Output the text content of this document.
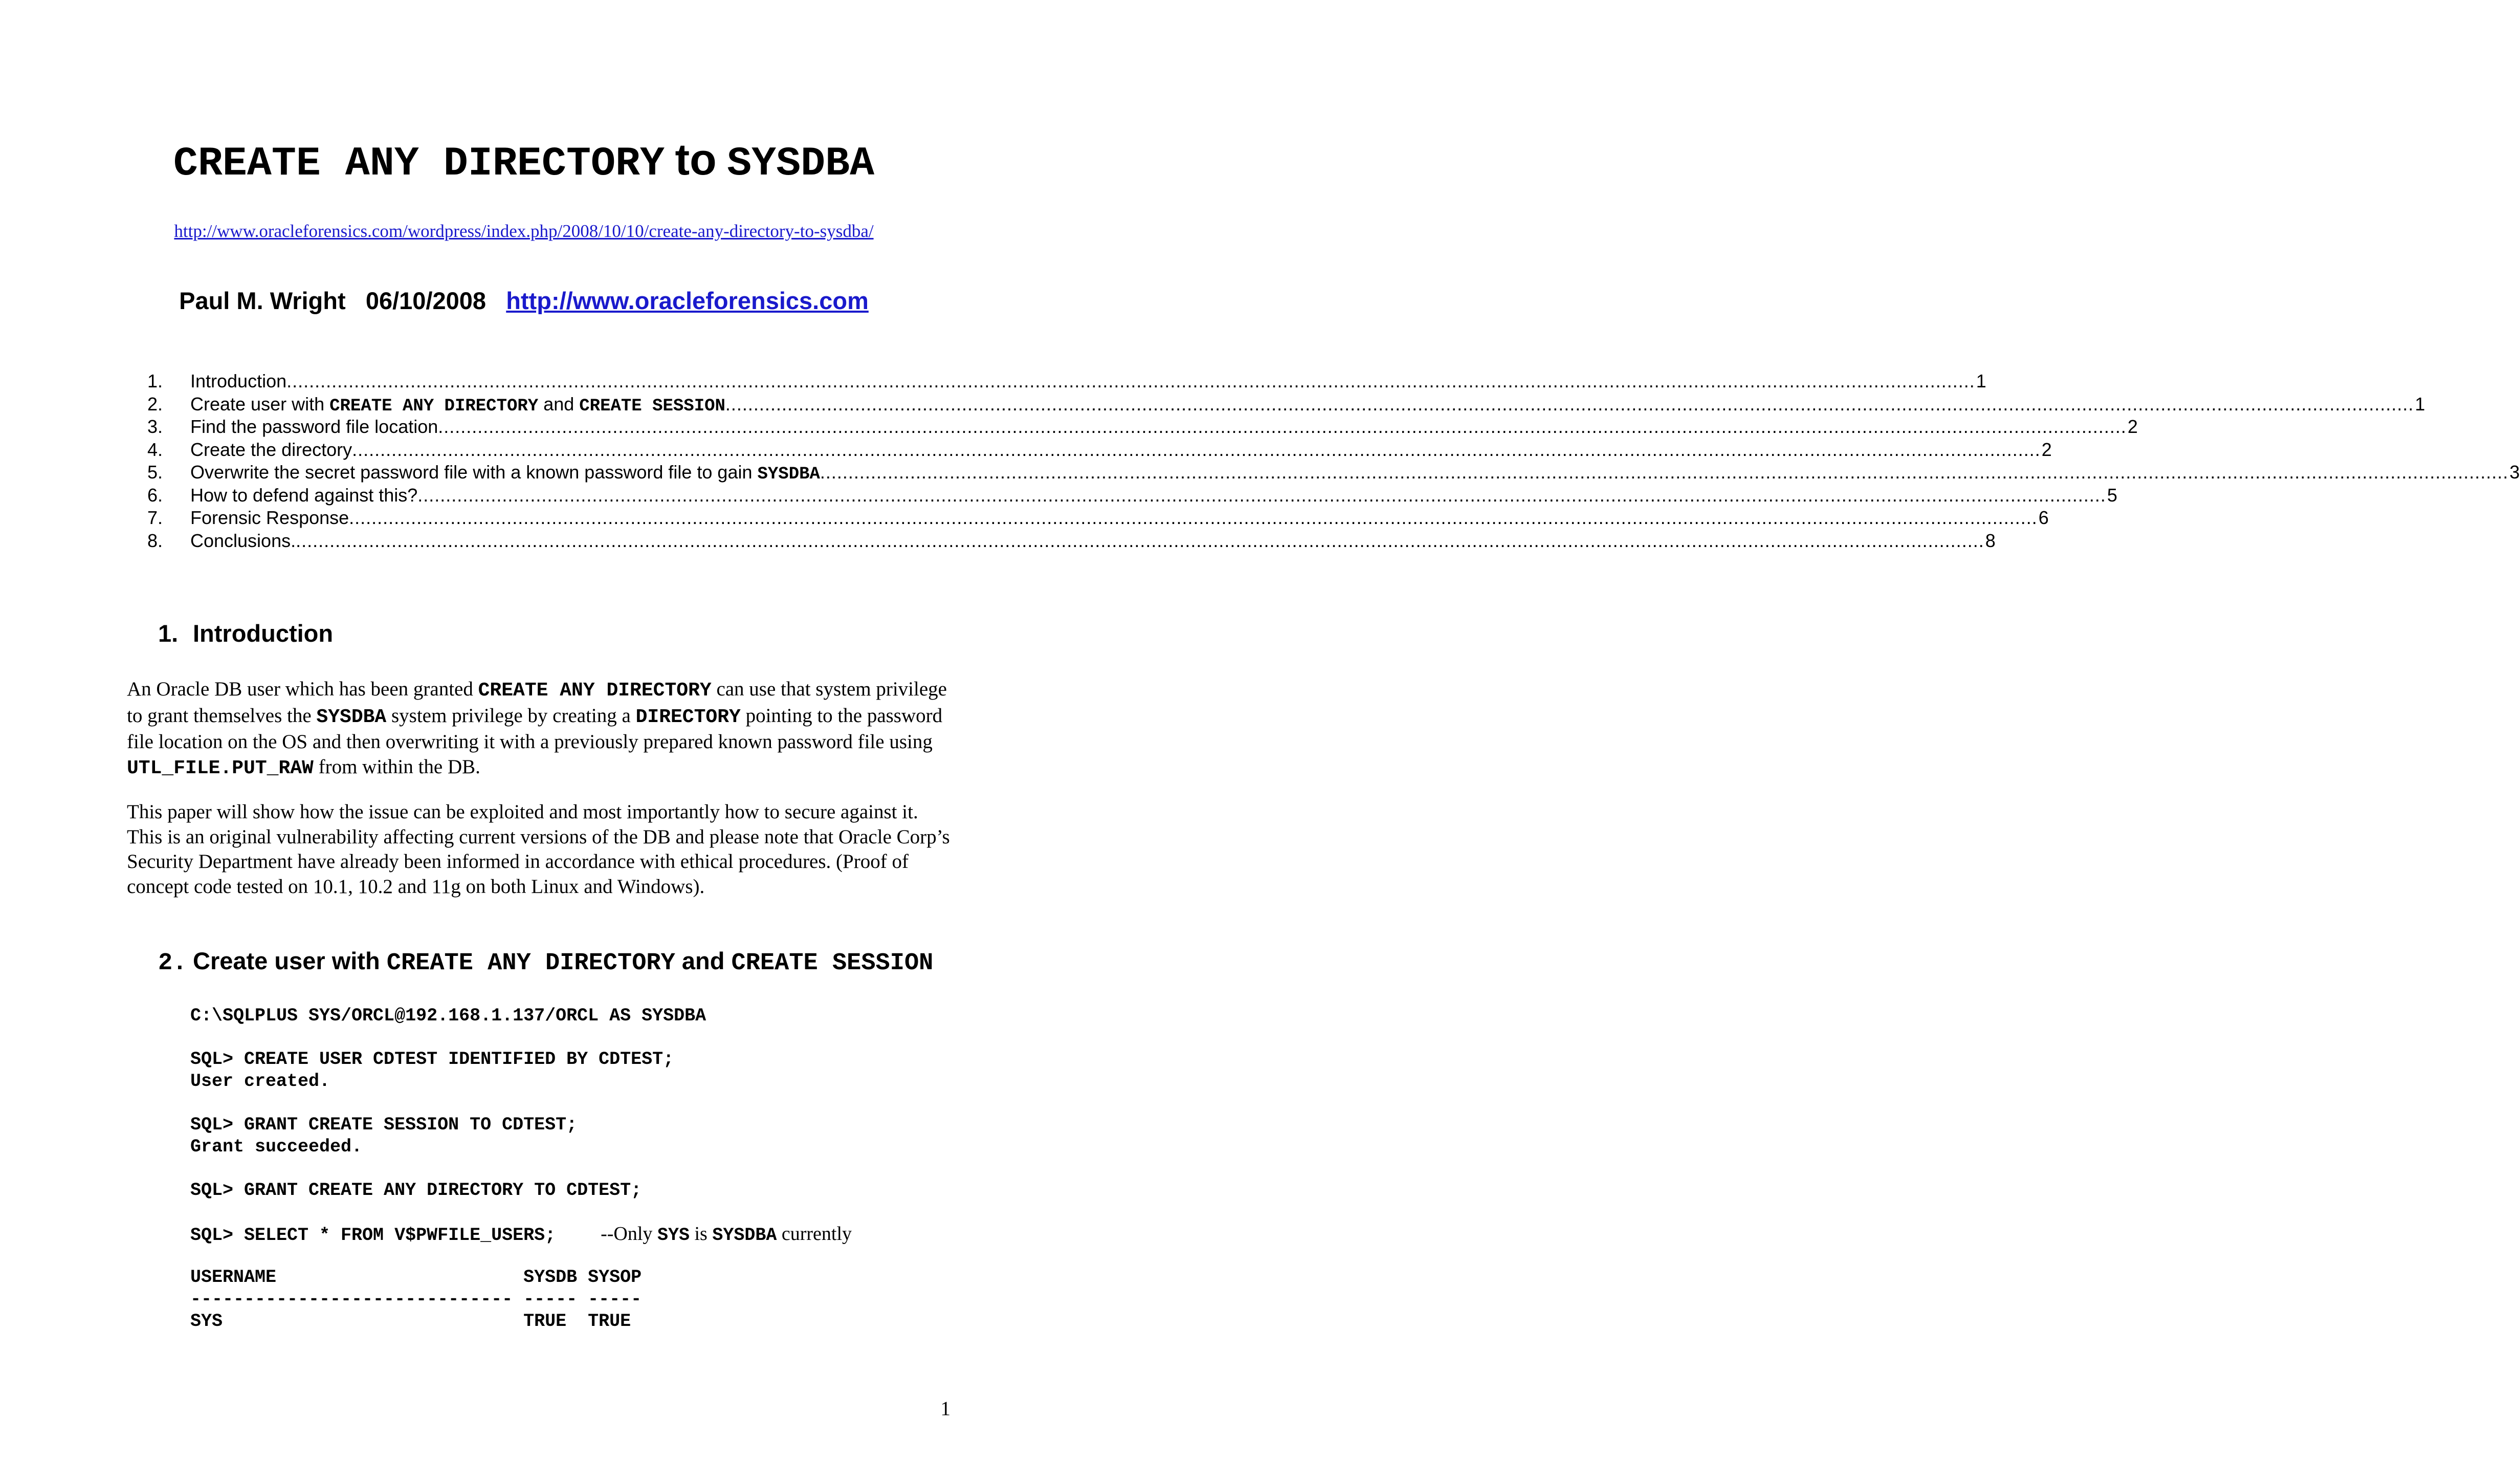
CREATE ANY DIRECTORY to SYSDBA
http://www.oracleforensics.com/wordpress/index.php/2008/10/10/create-any-directory-to-sysdba/
Paul M. Wright 06/10/2008 http://www.oracleforensics.com
1.	Introduction ............................................................................................................................................................................................................................................................................................................ 1
2.	Create user with CREATE ANY DIRECTORY and CREATE SESSION ............................................................................................................................................................................................................................................................................................................ 1
3.	Find the password file location ............................................................................................................................................................................................................................................................................................................ 2
4.	Create the directory ............................................................................................................................................................................................................................................................................................................ 2
5.	Overwrite the secret password file with a known password file to gain SYSDBA ............................................................................................................................................................................................................................................................................................................ 3
6.	How to defend against this? ............................................................................................................................................................................................................................................................................................................ 5
7.	Forensic Response ............................................................................................................................................................................................................................................................................................................ 6
8.	Conclusions. ............................................................................................................................................................................................................................................................................................................ 8
1. Introduction
An Oracle DB user which has been granted CREATE ANY DIRECTORY can use that system privilege to grant themselves the SYSDBA system privilege by creating a DIRECTORY pointing to the password file location on the OS and then overwriting it with a previously prepared known password file using UTL_FILE.PUT_RAW from within the DB.
This paper will show how the issue can be exploited and most importantly how to secure against it. This is an original vulnerability affecting current versions of the DB and please note that Oracle Corp’s Security Department have already been informed in accordance with ethical procedures. (Proof of concept code tested on 10.1, 10.2 and 11g on both Linux and Windows).
2. Create user with CREATE ANY DIRECTORY and CREATE SESSION
C:\SQLPLUS SYS/ORCL@192.168.1.137/ORCL AS SYSDBA
SQL> CREATE USER CDTEST IDENTIFIED BY CDTEST;
User created.
SQL> GRANT CREATE SESSION TO CDTEST;
Grant succeeded.
SQL> GRANT CREATE ANY DIRECTORY TO CDTEST;
SQL> SELECT * FROM V$PWFILE_USERS; --Only SYS is SYSDBA currently
USERNAME                       SYSDB SYSOP
------------------------------ ----- -----
SYS                            TRUE  TRUE
1
